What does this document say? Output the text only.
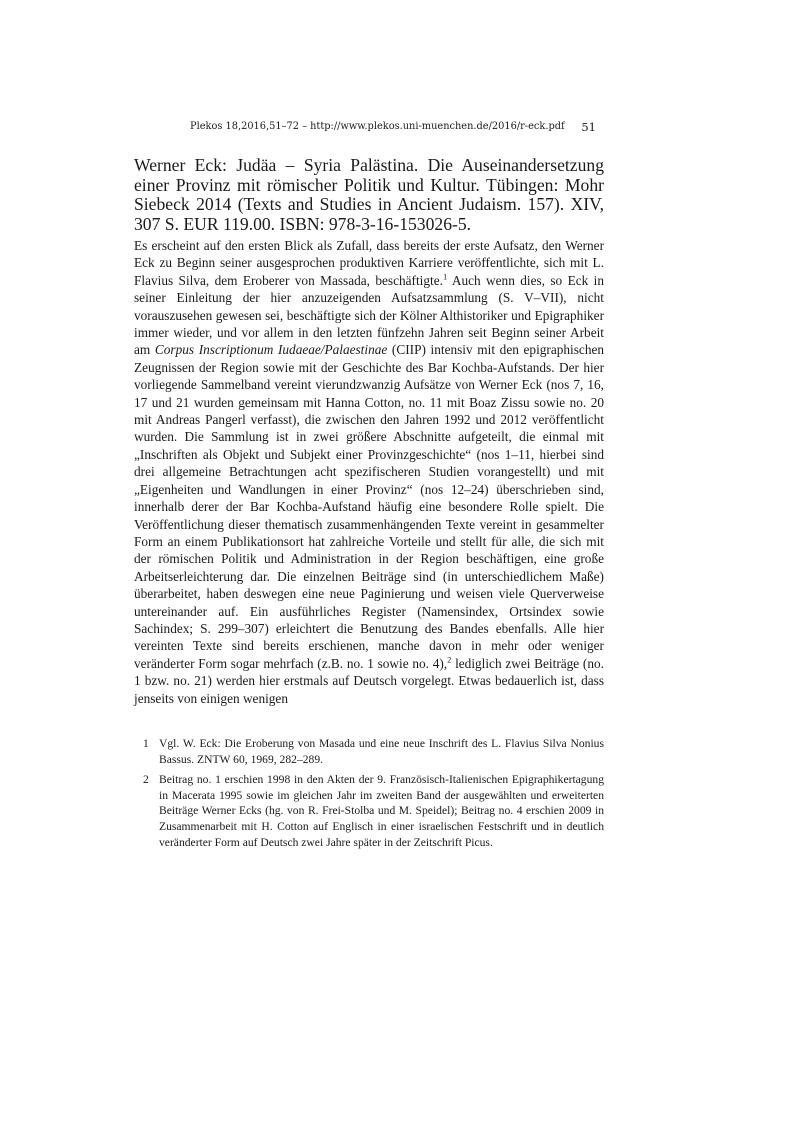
Plekos 18,2016,51–72 – http://www.plekos.uni-muenchen.de/2016/r-eck.pdf 51
Werner Eck: Judäa – Syria Palästina. Die Auseinandersetzung einer Provinz mit römischer Politik und Kultur. Tübingen: Mohr Siebeck 2014 (Texts and Studies in Ancient Judaism. 157). XIV, 307 S. EUR 119.00. ISBN: 978-3-16-153026-5.

Es erscheint auf den ersten Blick als Zufall, dass bereits der erste Aufsatz, den Werner Eck zu Beginn seiner ausgesprochen produktiven Karriere veröffentlichte, sich mit L. Flavius Silva, dem Eroberer von Massada, beschäftigte.$^1$ Auch wenn dies, so Eck in seiner Einleitung der hier anzuzeigenden Aufsatzsammlung (S. V–VII), nicht vorauszusehen gewesen sei, beschäftigte sich der Kölner Althistoriker und Epigraphiker immer wieder, und vor allem in den letzten fünfzehn Jahren seit Beginn seiner Arbeit am Corpus Inscriptionum Iudaeae/Palaestinae (CIIP) intensiv mit den epigraphischen Zeugnissen der Region sowie mit der Geschichte des Bar Kochba-Aufstands. Der hier vorliegende Sammelband vereint vierundzwanzig Aufsätze von Werner Eck (nos 7, 16, 17 und 21 wurden gemeinsam mit Hanna Cotton, no. 11 mit Boaz Zissu sowie no. 20 mit Andreas Pangerl verfasst), die zwischen den Jahren 1992 und 2012 veröffentlicht wurden. Die Sammlung ist in zwei größere Abschnitte aufgeteilt, die einmal mit „Inschriften als Objekt und Subjekt einer Provinzgeschichte“ (nos 1–11, hierbei sind drei allgemeine Betrachtungen acht spezifischeren Studien vorangestellt) und mit „Eigenheiten und Wandlungen in einer Provinz“ (nos 12–24) überschrieben sind, innerhalb derer der Bar Kochba-Aufstand häufig eine besondere Rolle spielt. Die Veröffentlichung dieser thematisch zusammenhängenden Texte vereint in gesammelter Form an einem Publikationsort hat zahlreiche Vorteile und stellt für alle, die sich mit der römischen Politik und Administration in der Region beschäftigen, eine große Arbeitserleichterung dar. Die einzelnen Beiträge sind (in unterschiedlichem Maße) überarbeitet, haben deswegen eine neue Paginierung und weisen viele Querverweise untereinander auf. Ein ausführliches Register (Namensindex, Ortsindex sowie Sachindex; S. 299–307) erleichtert die Benutzung des Bandes ebenfalls. Alle hier vereinten Texte sind bereits erschienen, manche davon in mehr oder weniger veränderter Form sogar mehrfach (z.B. no. 1 sowie no. 4),$^2$ lediglich zwei Beiträge (no. 1 bzw. no. 21) werden hier erstmals auf Deutsch vorgelegt. Etwas bedauerlich ist, dass jenseits von einigen wenigen

1 Vgl. W. Eck: Die Eroberung von Masada und eine neue Inschrift des L. Flavius Silva Nonius Bassus. ZNTW 60, 1969, 282–289.
2 Beitrag no. 1 erschien 1998 in den Akten der 9. Französisch-Italienischen Epigraphikertagung in Macerata 1995 sowie im gleichen Jahr im zweiten Band der ausgewählten und erweiterten Beiträge Werner Ecks (hg. von R. Frei-Stolba und M. Speidel); Beitrag no. 4 erschien 2009 in Zusammenarbeit mit H. Cotton auf Englisch in einer israelischen Festschrift und in deutlich veränderter Form auf Deutsch zwei Jahre später in der Zeitschrift Picus.
